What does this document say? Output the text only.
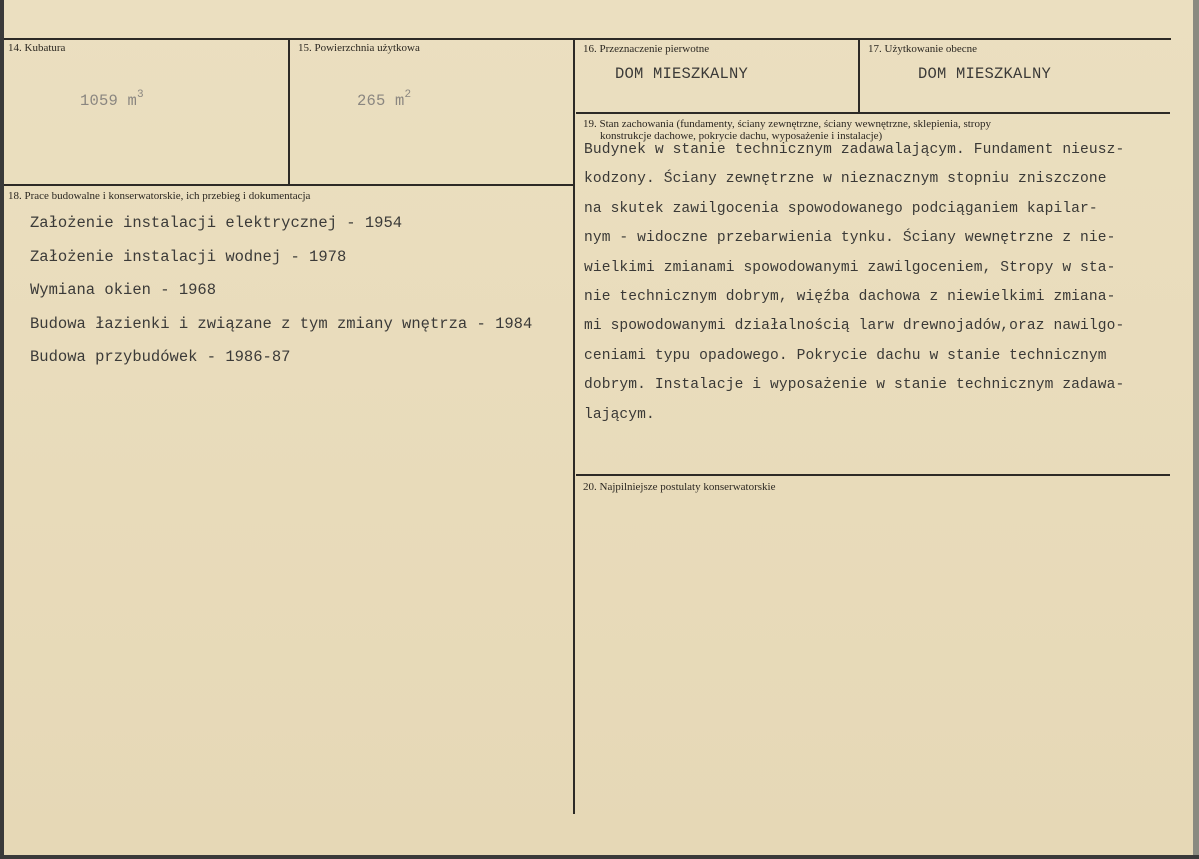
14. Kubatura
1059 $m^3$
15. Powierzchnia użytkowa
265 $m^2$
16. Przeznaczenie pierwotne
DOM MIESZKALNY
17. Użytkowanie obecne
DOM MIESZKALNY
18. Prace budowalne i konserwatorskie, ich przebieg i dokumentacja
Założenie instalacji elektrycznej - 1954
Założenie instalacji wodnej - 1978
Wymiana okien - 1968
Budowa łazienki i związane z tym zmiany wnętrza - 1984
Budowa przybudówek - 1986-87
19. Stan zachowania (fundamenty, ściany zewnętrzne, ściany wewnętrzne, sklepienia, stropy
konstrukcje dachowe, pokrycie dachu, wyposażenie i instalacje)
Budynek w stanie technicznym zadawalającym. Fundament nieusz-
kodzony. Ściany zewnętrzne w nieznacznym stopniu zniszczone
na skutek zawilgocenia spowodowanego podciąganiem kapilar-
nym - widoczne przebarwienia tynku. Ściany wewnętrzne z nie-
wielkimi zmianami spowodowanymi zawilgoceniem, Stropy w sta-
nie technicznym dobrym, więźba dachowa z niewielkimi zmiana-
mi spowodowanymi działalnością larw drewnojadów,oraz nawilgo-
ceniami typu opadowego. Pokrycie dachu w stanie technicznym
dobrym. Instalacje i wyposażenie w stanie technicznym zadawa-
lającym.
20. Najpilniejsze postulaty konserwatorskie
